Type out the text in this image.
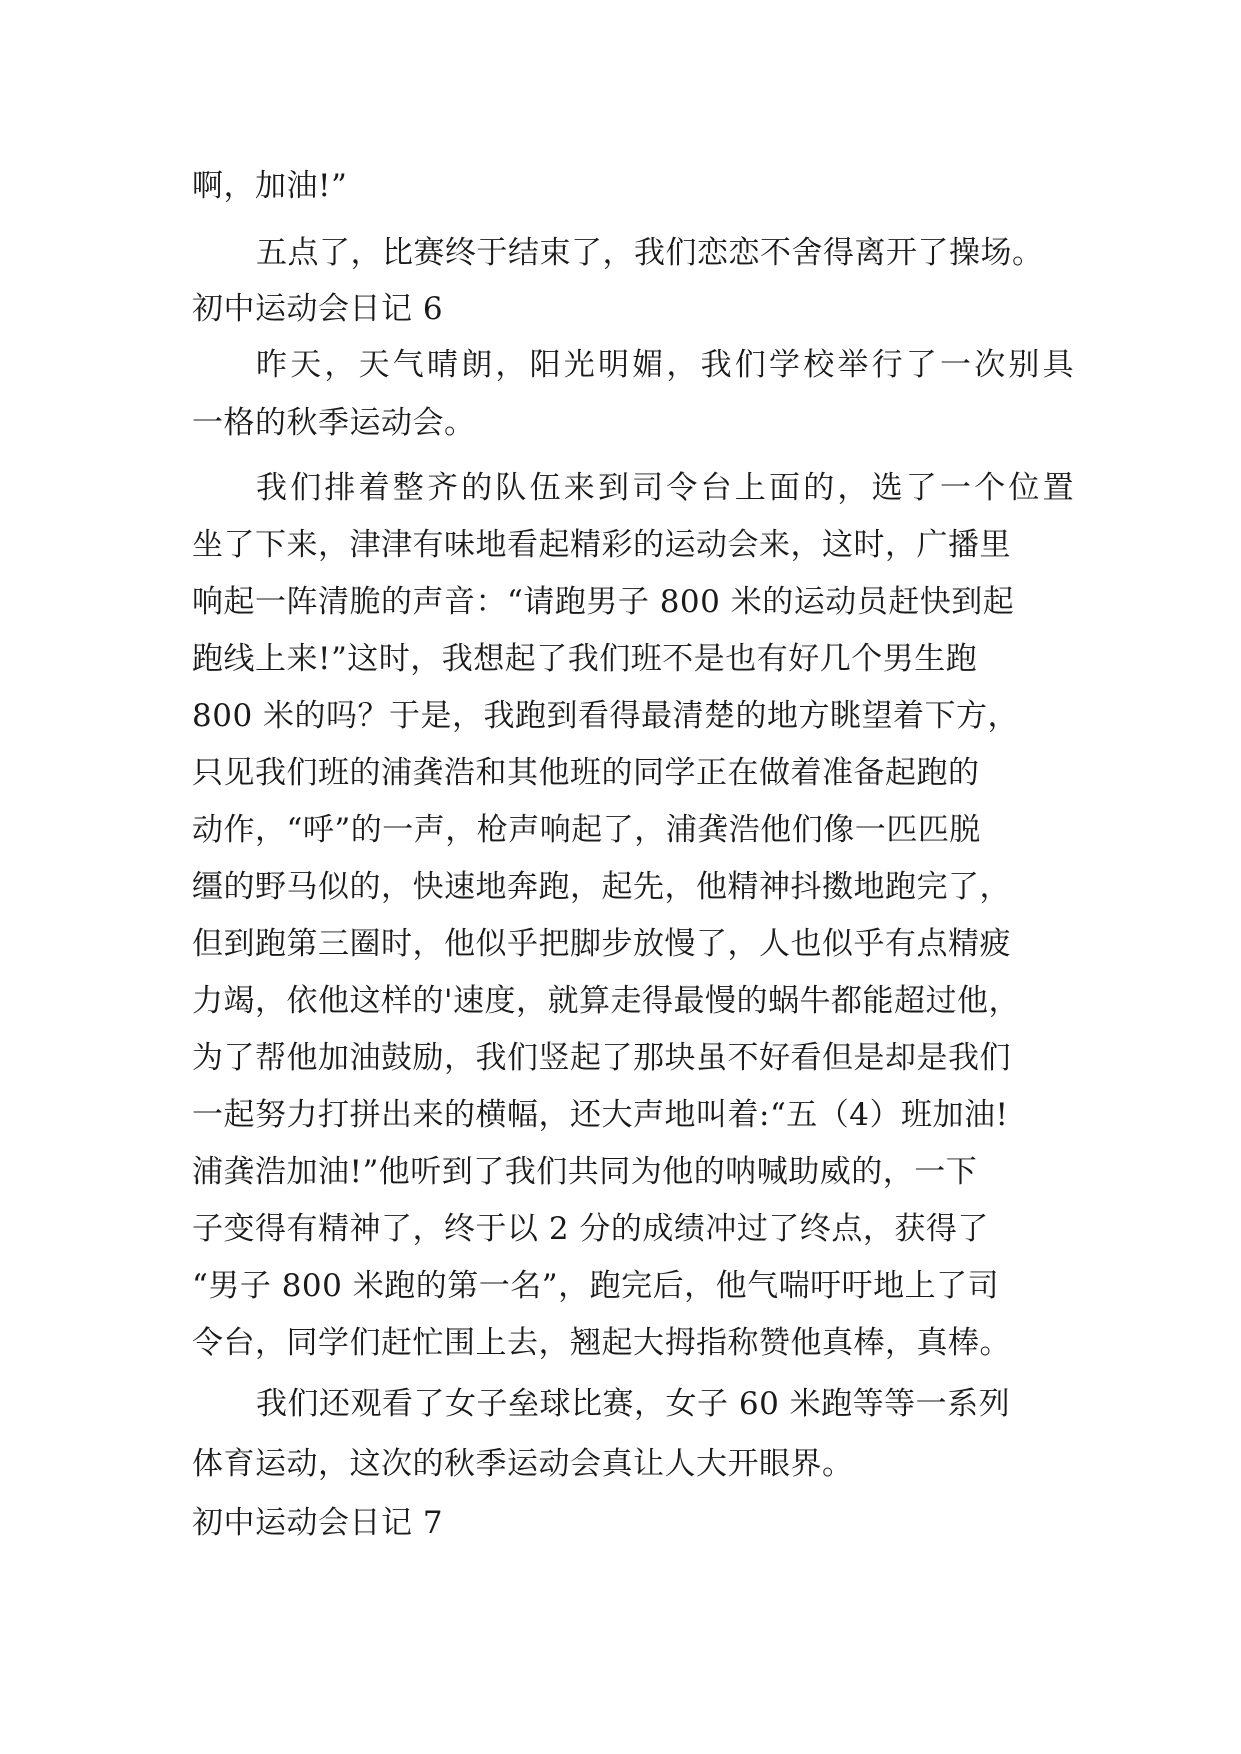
啊，加油!”
五点了，比赛终于结束了，我们恋恋不舍得离开了操场。
初中运动会日记 6
昨天，天气晴朗，阳光明媚，我们学校举行了一次别具
一格的秋季运动会。
我们排着整齐的队伍来到司令台上面的，选了一个位置
坐了下来，津津有味地看起精彩的运动会来，这时，广播里
响起一阵清脆的声音：“请跑男子 800 米的运动员赶快到起
跑线上来!”这时，我想起了我们班不是也有好几个男生跑
800 米的吗？于是，我跑到看得最清楚的地方眺望着下方，
只见我们班的浦龚浩和其他班的同学正在做着准备起跑的
动作，“呼”的一声，枪声响起了，浦龚浩他们像一匹匹脱
缰的野马似的，快速地奔跑，起先，他精神抖擞地跑完了，
但到跑第三圈时，他似乎把脚步放慢了，人也似乎有点精疲
力竭，依他这样的'速度，就算走得最慢的蜗牛都能超过他，
为了帮他加油鼓励，我们竖起了那块虽不好看但是却是我们
一起努力打拼出来的横幅，还大声地叫着:“五（4）班加油!
浦龚浩加油!”他听到了我们共同为他的呐喊助威的，一下
子变得有精神了，终于以 2 分的成绩冲过了终点，获得了
“男子 800 米跑的第一名”，跑完后，他气喘吁吁地上了司
令台，同学们赶忙围上去，翘起大拇指称赞他真棒，真棒。
我们还观看了女子垒球比赛，女子 60 米跑等等一系列
体育运动，这次的秋季运动会真让人大开眼界。
初中运动会日记 7
